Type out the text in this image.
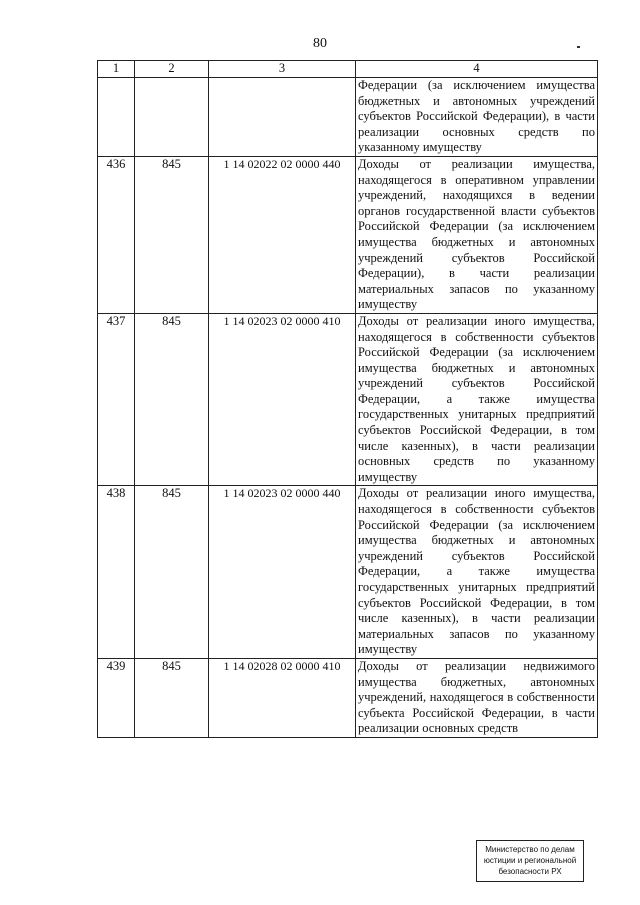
80
1	2	3	4
			Федерации (за исключением имущества бюджетных и автономных учреждений субъектов Российской Федерации), в части реализации основных средств по указанному имуществу
436	845	1 14 02022 02 0000 440	Доходы от реализации имущества, находящегося в оперативном управлении учреждений, находящихся в ведении органов государственной власти субъектов Российской Федерации (за исключением имущества бюджетных и автономных учреждений субъектов Российской Федерации), в части реализации материальных запасов по указанному имуществу
437	845	1 14 02023 02 0000 410	Доходы от реализации иного имущества, находящегося в собственности субъектов Российской Федерации (за исключением имущества бюджетных и автономных учреждений субъектов Российской Федерации, а также имущества государственных унитарных предприятий субъектов Российской Федерации, в том числе казенных), в части реализации основных средств по указанному имуществу
438	845	1 14 02023 02 0000 440	Доходы от реализации иного имущества, находящегося в собственности субъектов Российской Федерации (за исключением имущества бюджетных и автономных учреждений субъектов Российской Федерации, а также имущества государственных унитарных предприятий субъектов Российской Федерации, в том числе казенных), в части реализации материальных запасов по указанному имуществу
439	845	1 14 02028 02 0000 410	Доходы от реализации недвижимого имущества бюджетных, автономных учреждений, находящегося в собственности субъекта Российской Федерации, в части реализации основных средств
Министерство по делам
юстиции и региональной
безопасности РХ
